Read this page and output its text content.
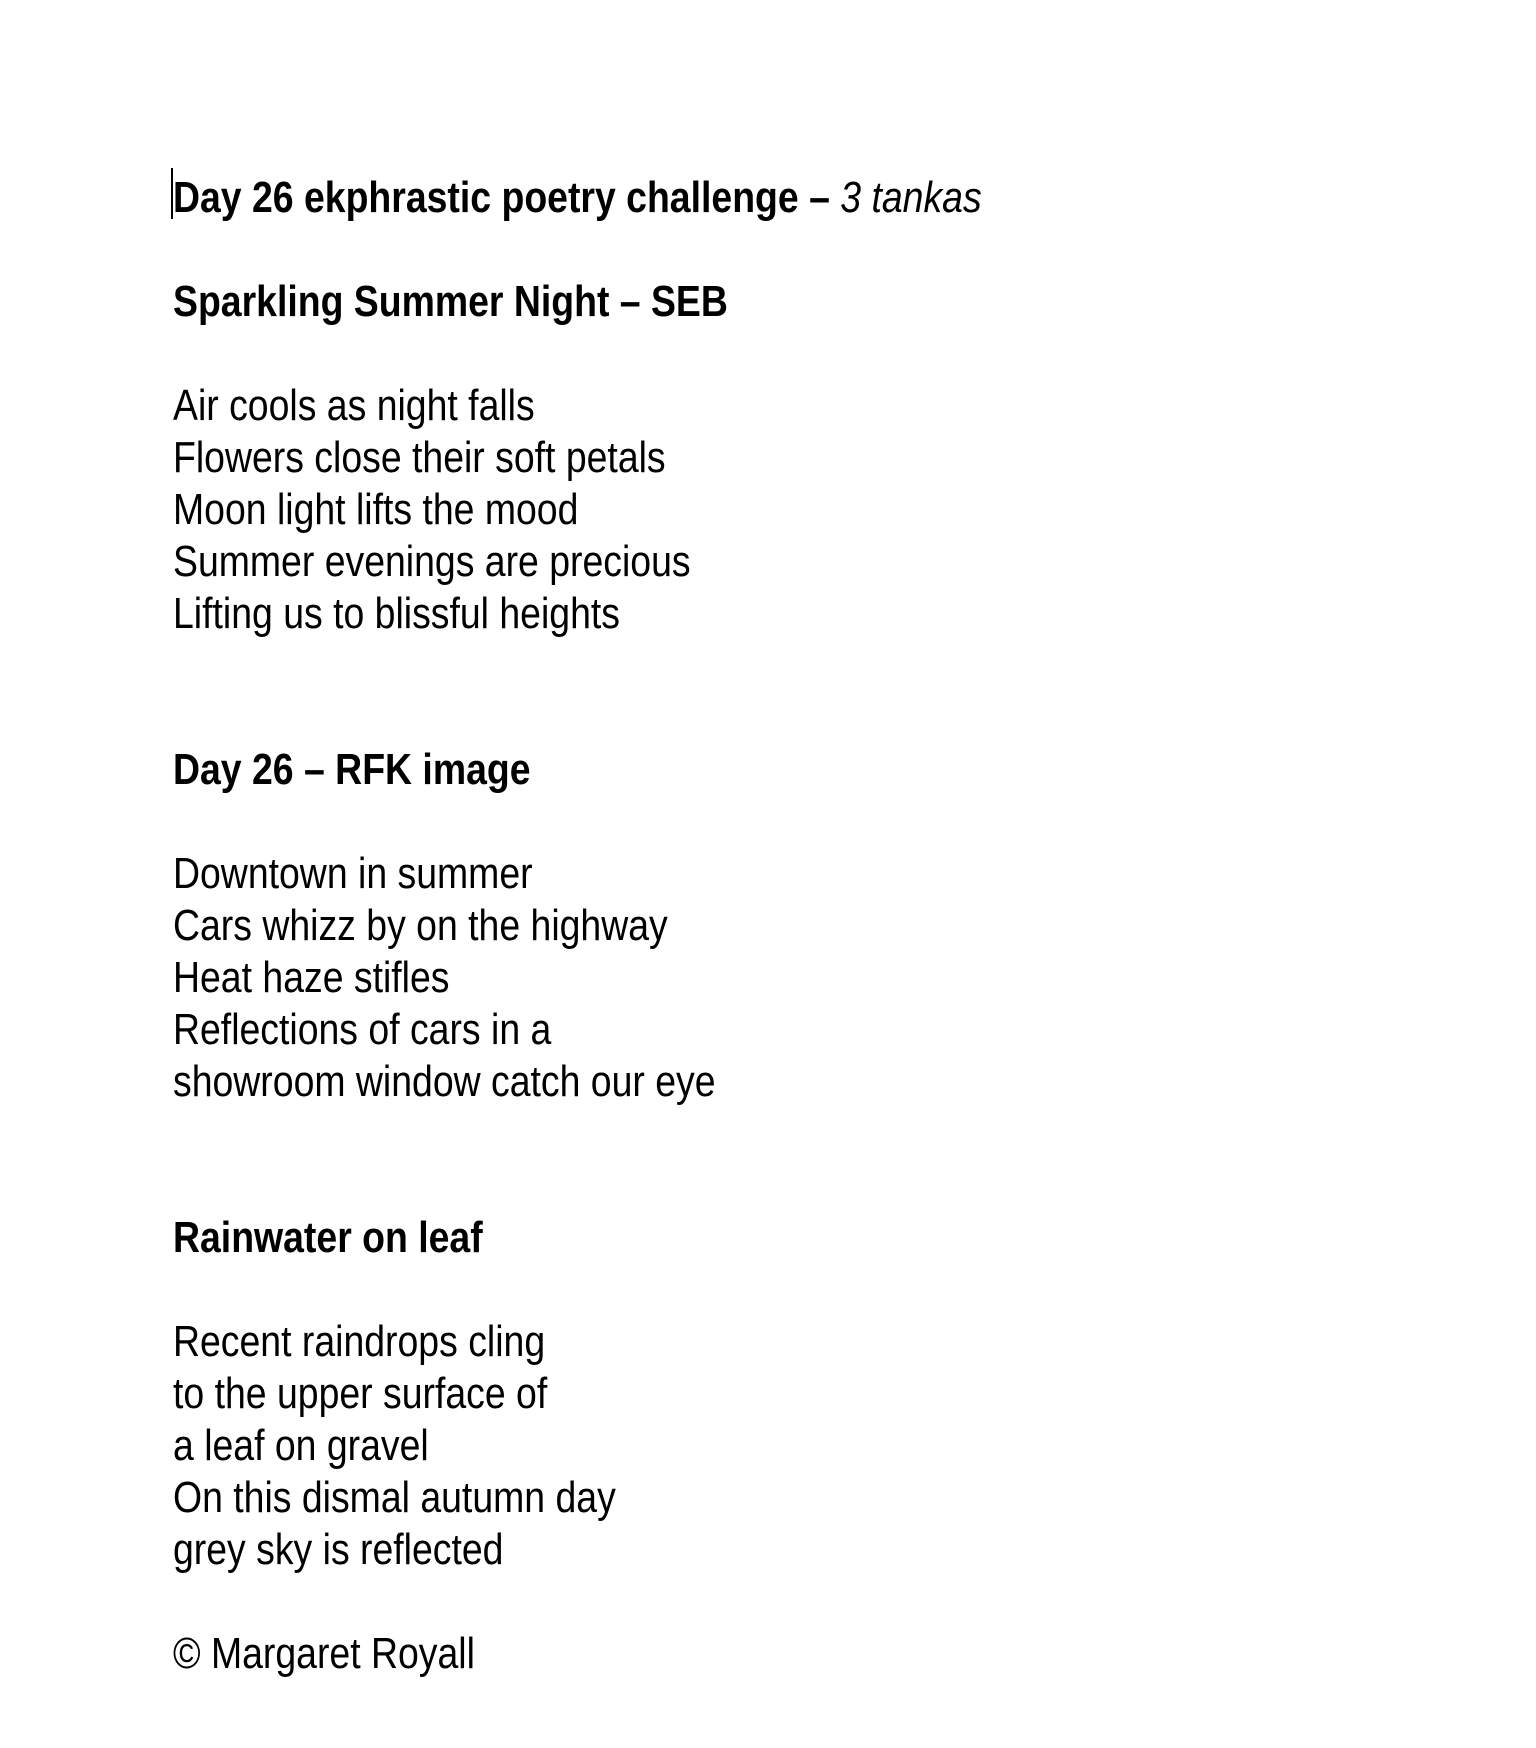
Day 26 ekphrastic poetry challenge – 3 tankas
Sparkling Summer Night – SEB
Air cools as night falls
Flowers close their soft petals
Moon light lifts the mood
Summer evenings are precious
Lifting us to blissful heights
Day 26 – RFK image
Downtown in summer
Cars whizz by on the highway
Heat haze stifles
Reflections of cars in a
showroom window catch our eye
Rainwater on leaf
Recent raindrops cling
to the upper surface of
a leaf on gravel
On this dismal autumn day
grey sky is reflected
© Margaret Royall
